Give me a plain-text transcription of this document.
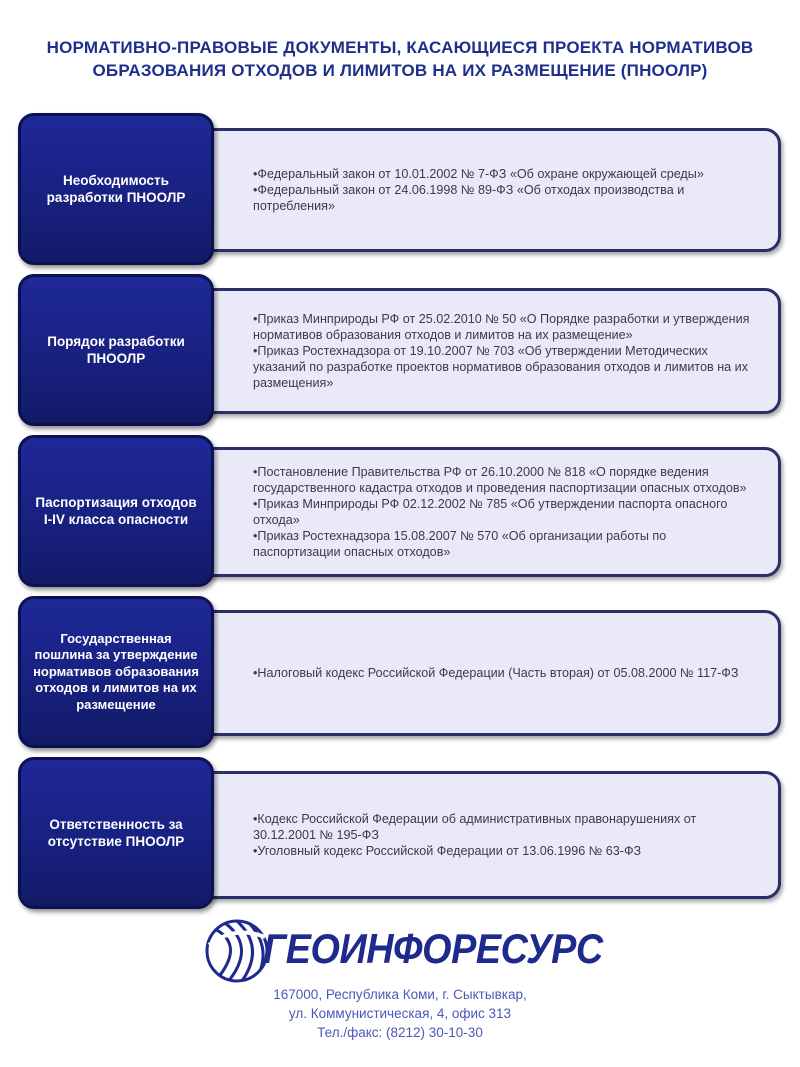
НОРМАТИВНО-ПРАВОВЫЕ ДОКУМЕНТЫ, КАСАЮЩИЕСЯ ПРОЕКТА НОРМАТИВОВ ОБРАЗОВАНИЯ ОТХОДОВ И ЛИМИТОВ НА ИХ РАЗМЕЩЕНИЕ (ПНООЛР)

•Федеральный закон от 10.01.2002 № 7-ФЗ «Об охране окружающей среды»

•Федеральный закон от 24.06.1998 № 89-ФЗ «Об отходах производства и потребления»

Необходимость разработки ПНООЛР

•Приказ Минприроды РФ от 25.02.2010 № 50 «О Порядке разработки и утверждения нормативов образования отходов и лимитов на их размещение»

•Приказ Ростехнадзора от 19.10.2007 № 703 «Об утверждении Методических указаний по разработке проектов нормативов образования отходов и лимитов на их размещения»

Порядок разработки ПНООЛР

•Постановление Правительства РФ от 26.10.2000 № 818 «О порядке ведения государственного кадастра отходов и проведения паспортизации опасных отходов»

•Приказ Минприроды РФ 02.12.2002 № 785 «Об утверждении паспорта опасного отхода»

•Приказ Ростехнадзора 15.08.2007 № 570 «Об организации работы по паспортизации опасных отходов»

Паспортизация отходов I-IV класса опасности

•Налоговый кодекс Российской Федерации (Часть вторая) от 05.08.2000 № 117-ФЗ

Государственная пошлина за утверждение нормативов образования отходов и лимитов на их размещение

•Кодекс Российской Федерации об административных правонарушениях от 30.12.2001 № 195-ФЗ

•Уголовный кодекс Российской Федерации от 13.06.1996 № 63-ФЗ

Ответственность за отсутствие ПНООЛР
ГЕОИНФОРЕСУРС
167000, Республика Коми, г. Сыктывкар,
ул. Коммунистическая, 4, офис 313
Тел./факс: (8212) 30-10-30
